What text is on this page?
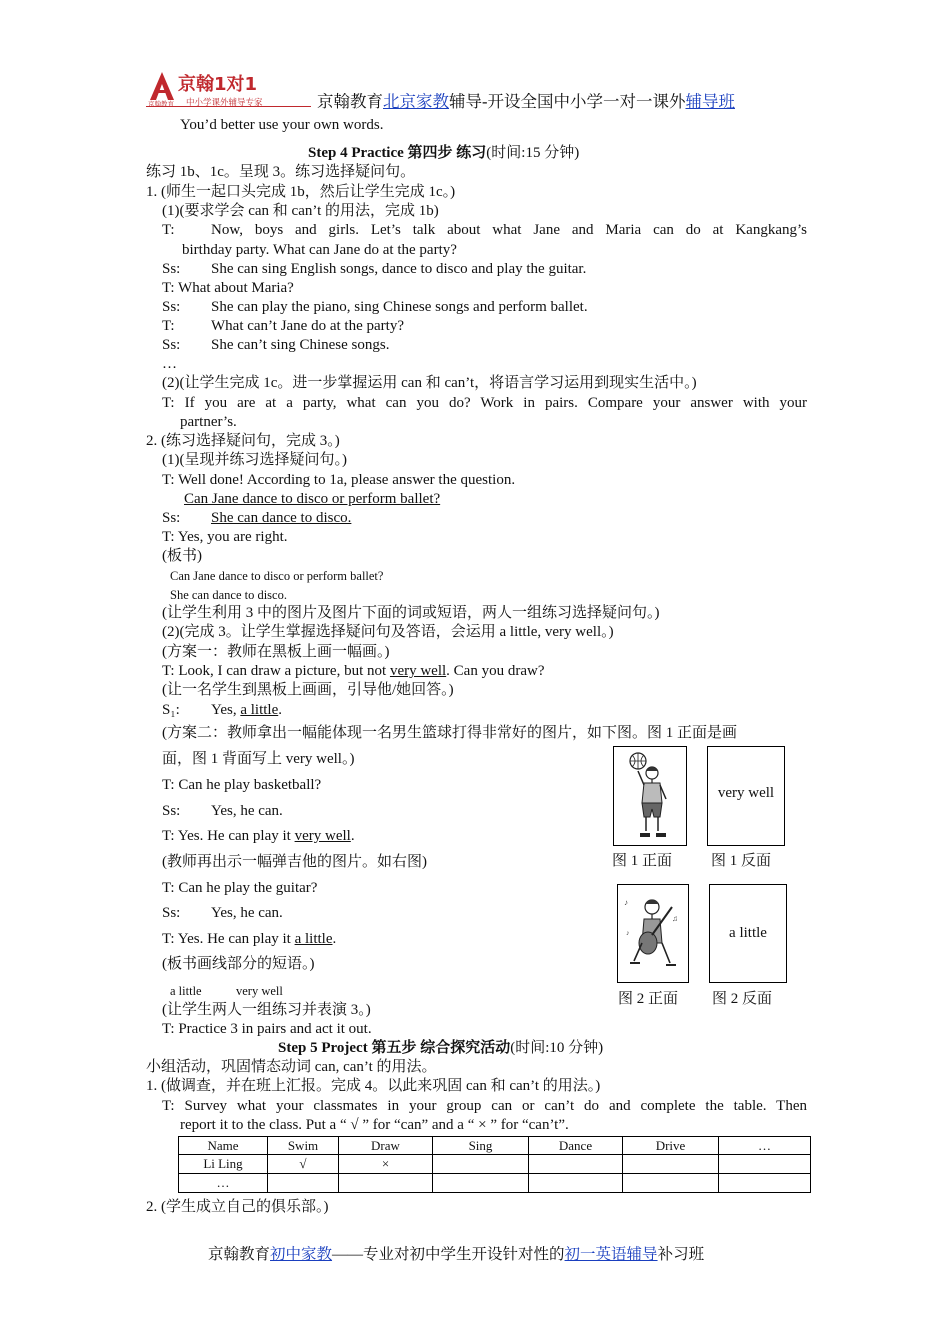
京翰1对1
京翰教育 中小学课外辅导专家	京翰教育北京家教辅导-开设全国中小学一对一课外辅导班
You’d better use your own words.
Step 4 Practice 第四步 练习(时间:15 分钟)
练习 1b、1c。呈现 3。练习选择疑问句。
1. (师生一起口头完成 1b，然后让学生完成 1c。)
(1)(要求学会 can 和 can’t 的用法，完成 1b)
T: Now, boys and girls. Let’s talk about what Jane and Maria can do at Kangkang’s
birthday party. What can Jane do at the party?
Ss: She can sing English songs, dance to disco and play the guitar.
T: What about Maria?
Ss: She can play the piano, sing Chinese songs and perform ballet.
T: What can’t Jane do at the party?
Ss: She can’t sing Chinese songs.
…
(2)(让学生完成 1c。进一步掌握运用 can 和 can’t，将语言学习运用到现实生活中。)
T: If you are at a party, what can you do? Work in pairs. Compare your answer with your
partner’s.
2. (练习选择疑问句，完成 3。)
(1)(呈现并练习选择疑问句。)
T: Well done! According to 1a, please answer the question.
Can Jane dance to disco or perform ballet?
Ss: She can dance to disco.
T: Yes, you are right.
(板书)
Can Jane dance to disco or perform ballet?
She can dance to disco.
(让学生利用 3 中的图片及图片下面的词或短语，两人一组练习选择疑问句。)
(2)(完成 3。让学生掌握选择疑问句及答语，会运用 a little, very well。)
(方案一：教师在黑板上画一幅画。)
T: Look, I can draw a picture, but not very well. Can you draw?
(让一名学生到黑板上画画，引导他/她回答。)
S₁: Yes, a little.
(方案二：教师拿出一幅能体现一名男生篮球打得非常好的图片，如下图。图 1 正面是画
面，图 1 背面写上 very well。)
T: Can he play basketball?
Ss: Yes, he can.
T: Yes. He can play it very well.
(教师再出示一幅弹吉他的图片。如右图)
T: Can he play the guitar?
Ss: Yes, he can.
T: Yes. He can play it a little.
(板书画线部分的短语。)
a little	very well
(让学生两人一组练习并表演 3。)
T: Practice 3 in pairs and act it out.
Step 5 Project 第五步 综合探究活动(时间:10 分钟)
小组活动，巩固情态动词 can, can’t 的用法。
1. (做调查，并在班上汇报。完成 4。以此来巩固 can 和 can’t 的用法。)
T: Survey what your classmates in your group can or can’t do and complete the table. Then
report it to the class. Put a “ √ ” for “can” and a “ × ” for “can’t”.
Name	Swim	Draw	Sing	Dance	Drive	…
Li Ling	√	×				
…						
2. (学生成立自己的俱乐部。)
图 1 正面
very well
图 1 反面
♪
♫
♪
图 2 正面
a little
图 2 反面
京翰教育初中家教——专业对初中学生开设针对性的初一英语辅导补习班
